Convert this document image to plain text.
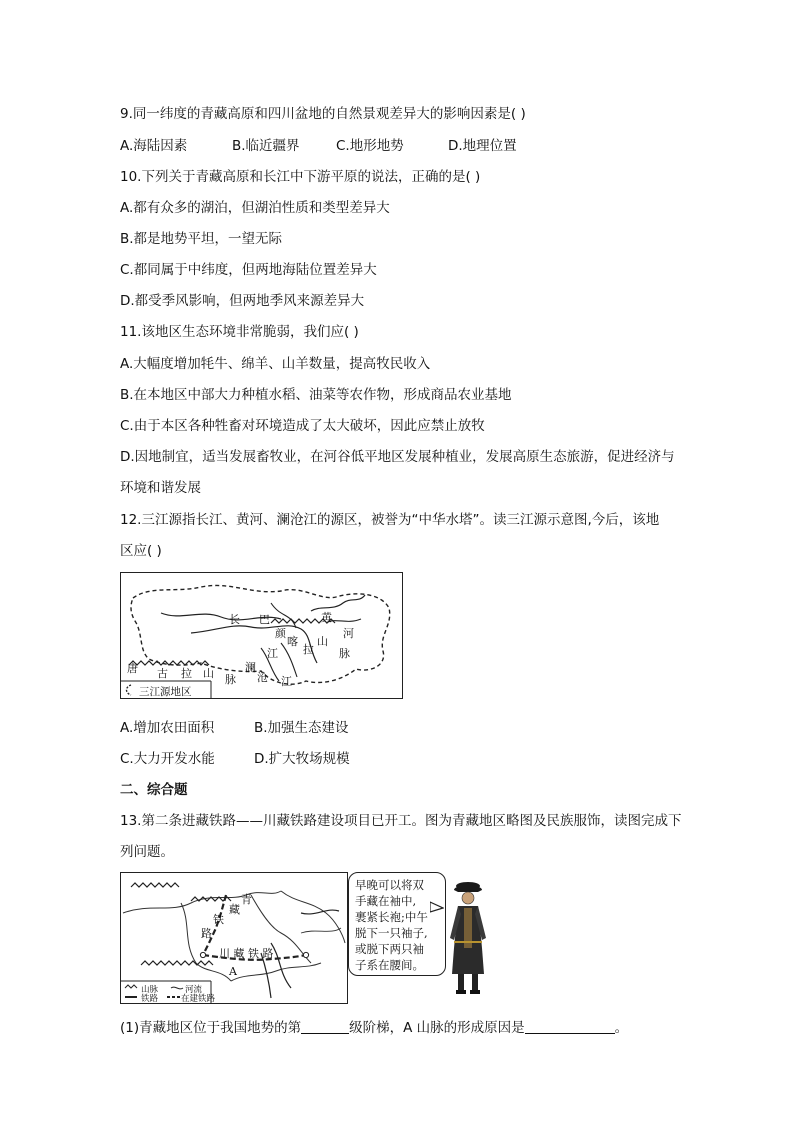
9.同一纬度的青藏高原和四川盆地的自然景观差异大的影响因素是( )
A.海陆因素	B.临近疆界	C.地形地势	D.地理位置
10.下列关于青藏高原和长江中下游平原的说法，正确的是( )
A.都有众多的湖泊，但湖泊性质和类型差异大
B.都是地势平坦，一望无际
C.都同属于中纬度，但两地海陆位置差异大
D.都受季风影响，但两地季风来源差异大
11.该地区生态环境非常脆弱，我们应( )
A.大幅度增加牦牛、绵羊、山羊数量，提高牧民收入
B.在本地区中部大力种植水稻、油菜等农作物，形成商品农业基地
C.由于本区各种牲畜对环境造成了太大破坏，因此应禁止放牧
D.因地制宜，适当发展畜牧业，在河谷低平地区发展种植业，发展高原生态旅游，促进经济与
环境和谐发展
12.三江源指长江、黄河、澜沧江的源区，被誉为“中华水塔”。读三江源示意图,今后，该地
区应( )
长 巴
颜
喀
拉
山
脉
黄
河
江
唐 古 拉 山 脉
澜
沧 江
三江源地区
A.增加农田面积	B.加强生态建设
C.大力开发水能	D.扩大牧场规模
二、综合题
13.第二条进藏铁路——川藏铁路建设项目已开工。图为青藏地区略图及民族服饰，读图完成下
列问题。
青
藏
铁
路
川 藏 铁 路
A
山脉	河流
铁路	在建铁路
早晚可以将双
手藏在袖中,
裹紧长袍;中午
脱下一只袖子,
或脱下两只袖
子系在腰间。
(1)青藏地区位于我国地势的第	级阶梯，A 山脉的形成原因是	。
